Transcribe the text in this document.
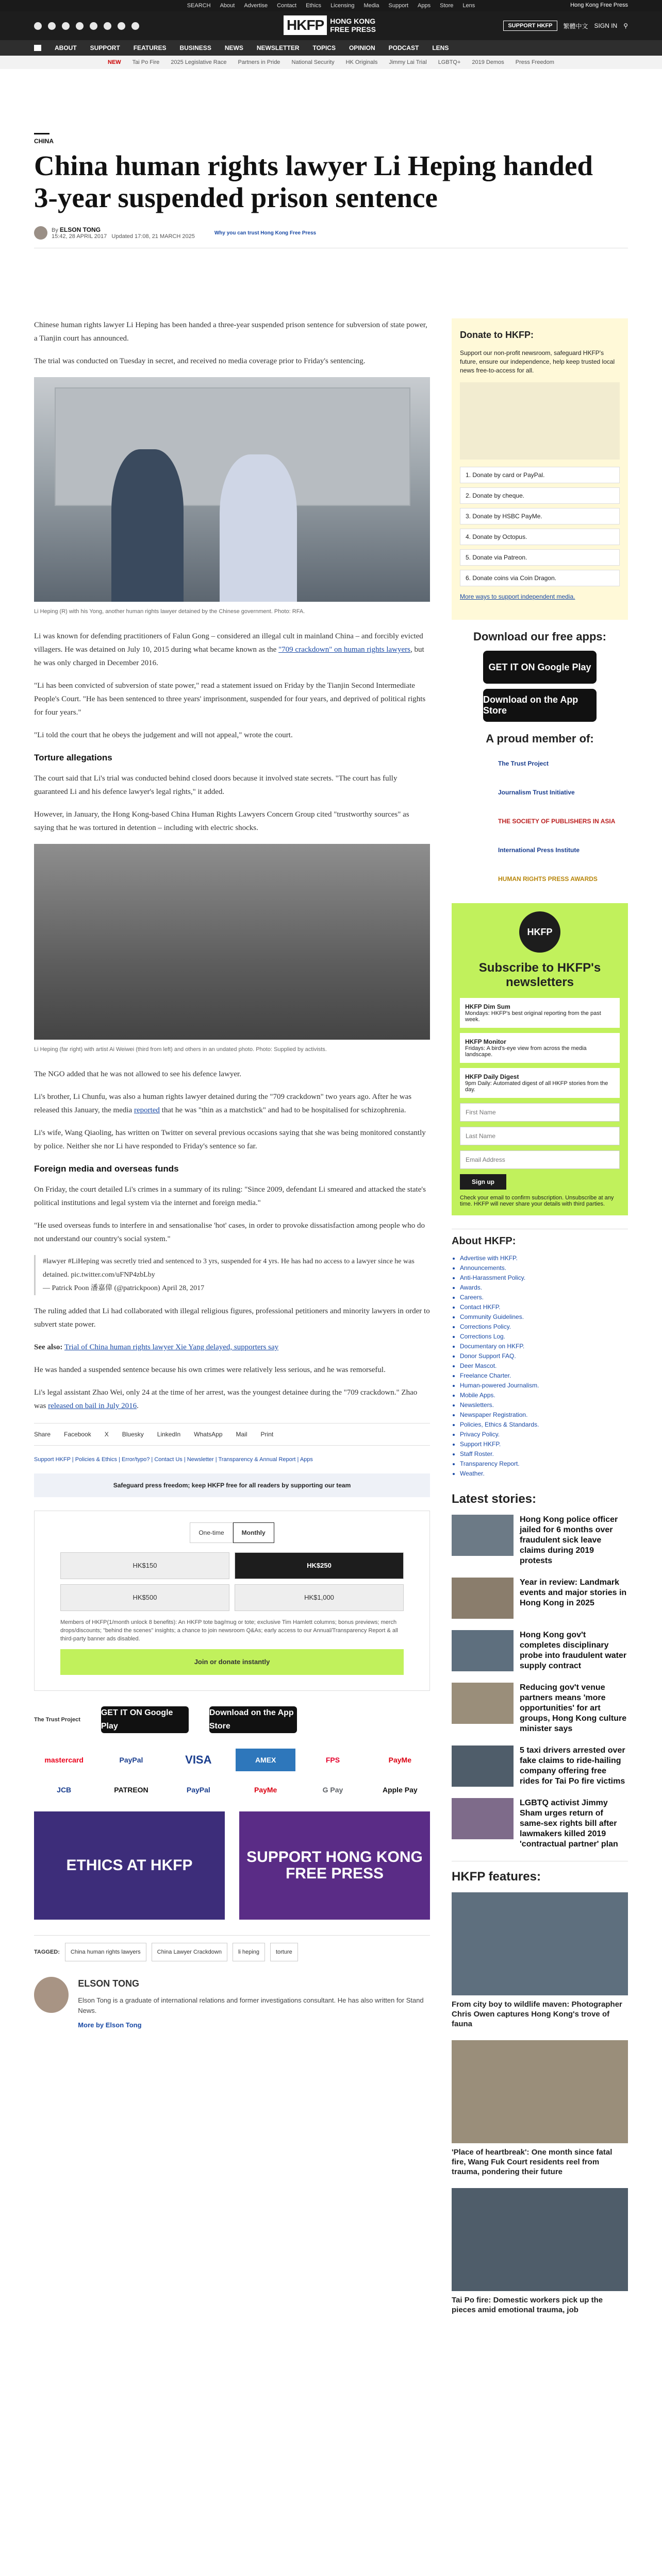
SEARCH About Advertise Contact Ethics Licensing Media Support Apps Store Lens	Hong Kong Free Press
HKFP HONG KONG
FREE PRESS	SUPPORT HKFP	繁體中文 SIGN IN ⚲
ABOUT SUPPORT FEATURES BUSINESS NEWS NEWSLETTER TOPICS OPINION PODCAST LENS
NEW Tai Po Fire 2025 Legislative Race Partners in Pride National Security HK Originals Jimmy Lai Trial LGBTQ+ 2019 Demos Press Freedom
CHINA
China human rights lawyer Li Heping handed 3-year suspended prison sentence
By ELSON TONG
15:42, 28 APRIL 2017 Updated 17:08, 21 MARCH 2025
Why you can trust Hong Kong Free Press

Chinese human rights lawyer Li Heping has been handed a three-year suspended prison sentence for subversion of state power, a Tianjin court has announced.

The trial was conducted on Tuesday in secret, and received no media coverage prior to Friday's sentencing.

Li Heping (R) with his Yong, another human rights lawyer detained by the Chinese government. Photo: RFA.

Li was known for defending practitioners of Falun Gong – considered an illegal cult in mainland China – and forcibly evicted villagers. He was detained on July 10, 2015 during what became known as the "709 crackdown" on human rights lawyers, but he was only charged in December 2016.

"Li has been convicted of subversion of state power," read a statement issued on Friday by the Tianjin Second Intermediate People's Court. "He has been sentenced to three years' imprisonment, suspended for four years, and deprived of political rights for four years."

"Li told the court that he obeys the judgement and will not appeal," wrote the court.

Torture allegations

The court said that Li's trial was conducted behind closed doors because it involved state secrets. "The court has fully guaranteed Li and his defence lawyer's legal rights," it added.

However, in January, the Hong Kong-based China Human Rights Lawyers Concern Group cited "trustworthy sources" as saying that he was tortured in detention – including with electric shocks.

Li Heping (far right) with artist Ai Weiwei (third from left) and others in an undated photo. Photo: Supplied by activists.

The NGO added that he was not allowed to see his defence lawyer.

Li's brother, Li Chunfu, was also a human rights lawyer detained during the "709 crackdown" two years ago. After he was released this January, the media reported that he was "thin as a matchstick" and had to be hospitalised for schizophrenia.

Li's wife, Wang Qiaoling, has written on Twitter on several previous occasions saying that she was being monitored constantly by police. Neither she nor Li have responded to Friday's sentence so far.

Foreign media and overseas funds

On Friday, the court detailed Li's crimes in a summary of its ruling: "Since 2009, defendant Li smeared and attacked the state's political institutions and legal system via the internet and foreign media."

"He used overseas funds to interfere in and sensationalise 'hot' cases, in order to provoke dissatisfaction among people who do not understand our country's social system."

#lawyer #LiHeping was secretly tried and sentenced to 3 yrs, suspended for 4 yrs. He has had no access to a lawyer since he was detained. pic.twitter.com/uFNP4zbLby
— Patrick Poon 潘嘉偉 (@patrickpoon) April 28, 2017

The ruling added that Li had collaborated with illegal religious figures, professional petitioners and minority lawyers in order to subvert state power.

See also: Trial of China human rights lawyer Xie Yang delayed, supporters say

He was handed a suspended sentence because his own crimes were relatively less serious, and he was remorseful.

Li's legal assistant Zhao Wei, only 24 at the time of her arrest, was the youngest detainee during the "709 crackdown." Zhao was released on bail in July 2016.

Share Facebook X Bluesky LinkedIn WhatsApp Mail Print
Support HKFP | Policies & Ethics | Error/typo? | Contact Us | Newsletter | Transparency & Annual Report | Apps
Safeguard press freedom; keep HKFP free for all readers by supporting our team
One-time	Monthly
HK$150	HK$250
HK$500	HK$1,000

Members of HKFP(1/month unlock 8 benefits): An HKFP tote bag/mug or tote; exclusive Tim Hamlett columns; bonus previews; merch drops/discounts; "behind the scenes" insights; a chance to join newsroom Q&As; early access to our Annual/Transparency Report & all third-party banner ads disabled.

Join or donate instantly
The Trust Project
GET IT ON Google Play
Download on the App Store
mastercard	PayPal	VISA	AMEX	FPS	PayMe
JCB	PATREON	PayPal	PayMe	G Pay	Apple Pay
ETHICS AT HKFP	SUPPORT HONG KONG FREE PRESS
TAGGED:	China human rights lawyers	China Lawyer Crackdown	li heping	torture
ELSON TONG

Elson Tong is a graduate of international relations and former investigations consultant. He has also written for Stand News.

More by Elson Tong

Donate to HKFP:

Support our non-profit newsroom, safeguard HKFP's future, ensure our independence, help keep trusted local news free-to-access for all.

1. Donate by card or PayPal.
2. Donate by cheque.
3. Donate by HSBC PayMe.
4. Donate by Octopus.
5. Donate via Patreon.
6. Donate coins via Coin Dragon.

More ways to support independent media.

Download our free apps:
GET IT ON Google Play
Download on the App Store
A proud member of:
The Trust Project
Journalism Trust Initiative
THE SOCIETY OF PUBLISHERS IN ASIA
International Press Institute
HUMAN RIGHTS PRESS AWARDS
HKFP
Subscribe to HKFP's newsletters
HKFP Dim Sum
Mondays: HKFP's best original reporting from the past week.
HKFP Monitor
Fridays: A bird's-eye view from across the media landscape.
HKFP Daily Digest
9pm Daily: Automated digest of all HKFP stories from the day.
First Name
Last Name
Email Address
Sign up

Check your email to confirm subscription. Unsubscribe at any time. HKFP will never share your details with third parties.

About HKFP:
• Advertise with HKFP.
• Announcements.
• Anti-Harassment Policy.
• Awards.
• Careers.
• Contact HKFP.
• Community Guidelines.
• Corrections Policy.
• Corrections Log.
• Documentary on HKFP.
• Donor Support FAQ.
• Deer Mascot.
• Freelance Charter.
• Human-powered Journalism.
• Mobile Apps.
• Newsletters.
• Newspaper Registration.
• Policies, Ethics & Standards.
• Privacy Policy.
• Support HKFP.
• Staff Roster.
• Transparency Report.
• Weather.
Latest stories:
Hong Kong police officer jailed for 6 months over fraudulent sick leave claims during 2019 protests
Year in review: Landmark events and major stories in Hong Kong in 2025
Hong Kong gov't completes disciplinary probe into fraudulent water supply contract
Reducing gov't venue partners means 'more opportunities' for art groups, Hong Kong culture minister says
5 taxi drivers arrested over fake claims to ride-hailing company offering free rides for Tai Po fire victims
LGBTQ activist Jimmy Sham urges return of same-sex rights bill after lawmakers killed 2019 'contractual partner' plan
HKFP features:
From city boy to wildlife maven: Photographer Chris Owen captures Hong Kong's trove of fauna
'Place of heartbreak': One month since fatal fire, Wang Fuk Court residents reel from trauma, pondering their future
Tai Po fire: Domestic workers pick up the pieces amid emotional trauma, job
